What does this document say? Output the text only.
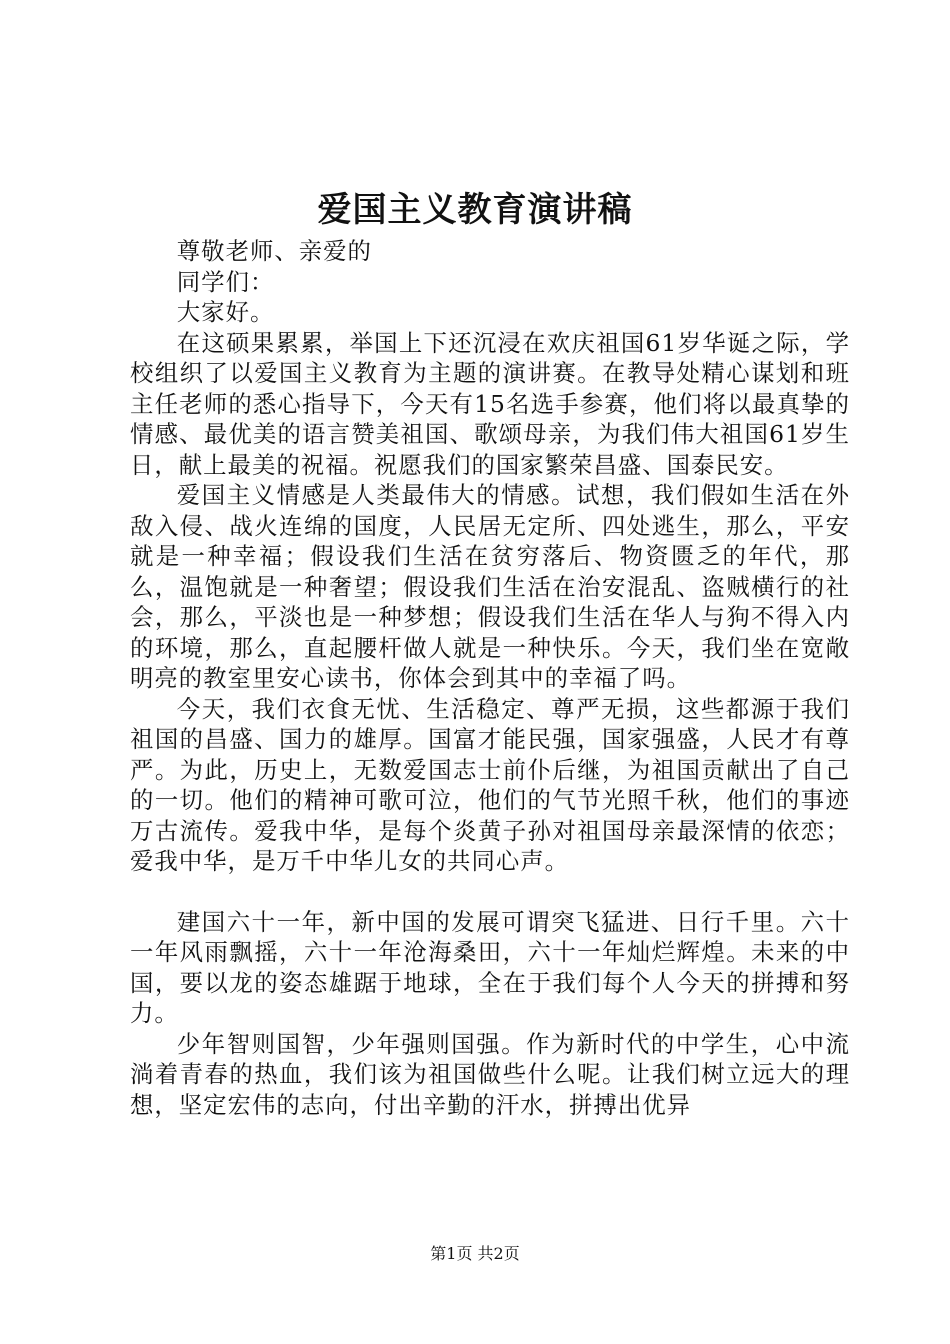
爱国主义教育演讲稿

尊敬老师、亲爱的

同学们：

大家好。

在这硕果累累，举国上下还沉浸在欢庆祖国61岁华诞之际，学校组织了以爱国主义教育为主题的演讲赛。在教导处精心谋划和班主任老师的悉心指导下，今天有15名选手参赛，他们将以最真挚的情感、最优美的语言赞美祖国、歌颂母亲，为我们伟大祖国61岁生日，献上最美的祝福。祝愿我们的国家繁荣昌盛、国泰民安。

爱国主义情感是人类最伟大的情感。试想，我们假如生活在外敌入侵、战火连绵的国度，人民居无定所、四处逃生，那么，平安就是一种幸福；假设我们生活在贫穷落后、物资匮乏的年代，那么，温饱就是一种奢望；假设我们生活在治安混乱、盗贼横行的社会，那么，平淡也是一种梦想；假设我们生活在华人与狗不得入内的环境，那么，直起腰杆做人就是一种快乐。今天，我们坐在宽敞明亮的教室里安心读书，你体会到其中的幸福了吗。

今天，我们衣食无忧、生活稳定、尊严无损，这些都源于我们祖国的昌盛、国力的雄厚。国富才能民强，国家强盛，人民才有尊严。为此，历史上，无数爱国志士前仆后继，为祖国贡献出了自己的一切。他们的精神可歌可泣，他们的气节光照千秋，他们的事迹万古流传。爱我中华，是每个炎黄子孙对祖国母亲最深情的依恋；爱我中华，是万千中华儿女的共同心声。

建国六十一年，新中国的发展可谓突飞猛进、日行千里。六十一年风雨飘摇，六十一年沧海桑田，六十一年灿烂辉煌。未来的中国，要以龙的姿态雄踞于地球，全在于我们每个人今天的拼搏和努力。

少年智则国智，少年强则国强。作为新时代的中学生，心中流淌着青春的热血，我们该为祖国做些什么呢。让我们树立远大的理想，坚定宏伟的志向，付出辛勤的汗水，拼搏出优异

第1页 共2页
